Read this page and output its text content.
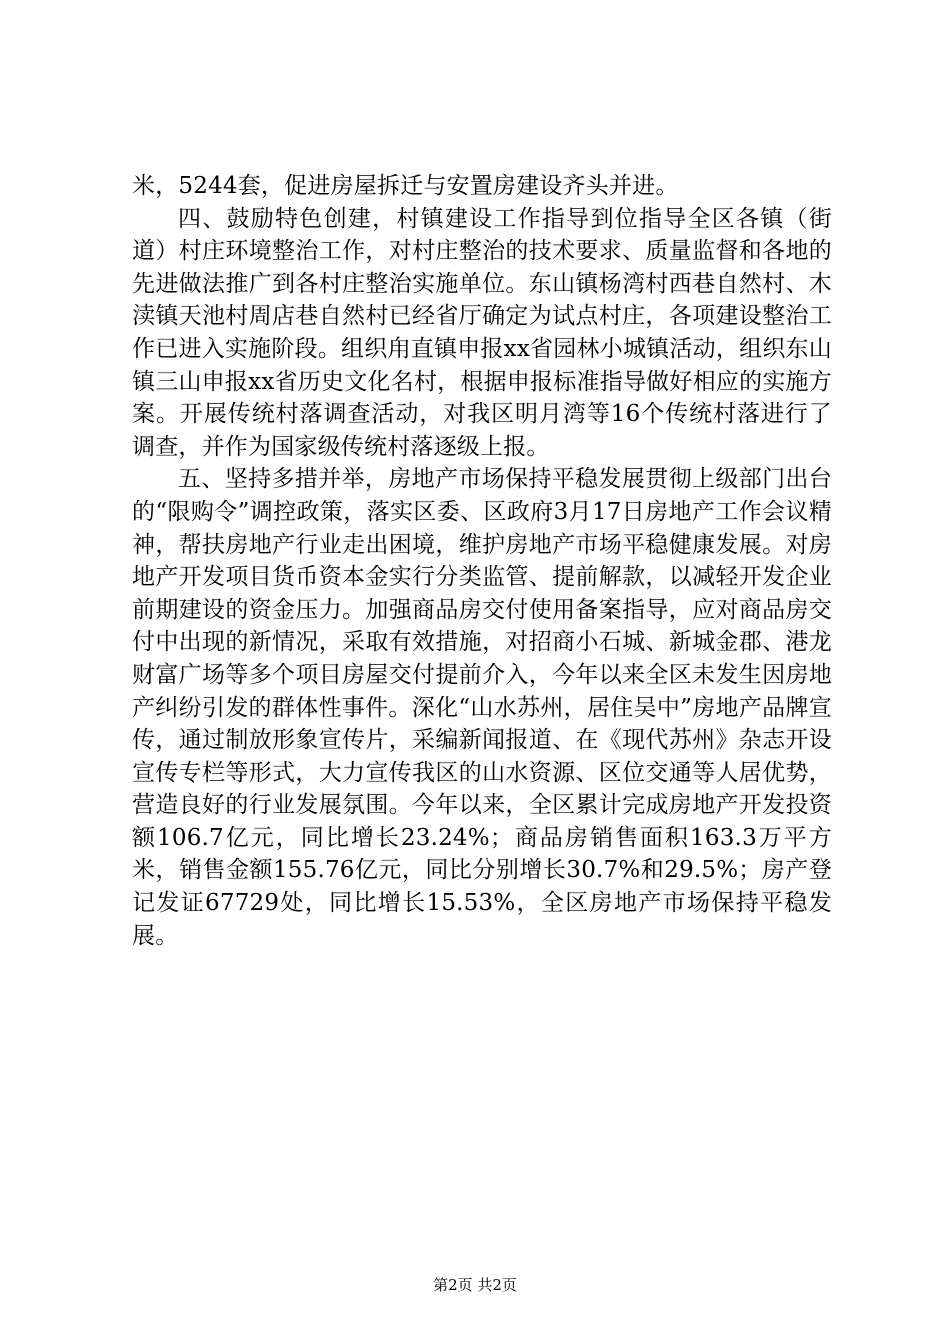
米，5244套，促进房屋拆迁与安置房建设齐头并进。

四、鼓励特色创建，村镇建设工作指导到位指导全区各镇（街道）村庄环境整治工作，对村庄整治的技术要求、质量监督和各地的先进做法推广到各村庄整治实施单位。东山镇杨湾村西巷自然村、木渎镇天池村周店巷自然村已经省厅确定为试点村庄，各项建设整治工作已进入实施阶段。组织甪直镇申报xx省园林小城镇活动，组织东山镇三山申报xx省历史文化名村，根据申报标准指导做好相应的实施方案。开展传统村落调查活动，对我区明月湾等16个传统村落进行了调查，并作为国家级传统村落逐级上报。

五、坚持多措并举，房地产市场保持平稳发展贯彻上级部门出台的“限购令”调控政策，落实区委、区政府3月17日房地产工作会议精神，帮扶房地产行业走出困境，维护房地产市场平稳健康发展。对房地产开发项目货币资本金实行分类监管、提前解款，以减轻开发企业前期建设的资金压力。加强商品房交付使用备案指导，应对商品房交付中出现的新情况，采取有效措施，对招商小石城、新城金郡、港龙财富广场等多个项目房屋交付提前介入，今年以来全区未发生因房地产纠纷引发的群体性事件。深化“山水苏州，居住吴中”房地产品牌宣传，通过制放形象宣传片，采编新闻报道、在《现代苏州》杂志开设宣传专栏等形式，大力宣传我区的山水资源、区位交通等人居优势，营造良好的行业发展氛围。今年以来，全区累计完成房地产开发投资额106.7亿元，同比增长23.24%；商品房销售面积163.3万平方米，销售金额155.76亿元，同比分别增长30.7%和29.5%；房产登记发证67729处，同比增长15.53%，全区房地产市场保持平稳发展。

第2页 共2页
